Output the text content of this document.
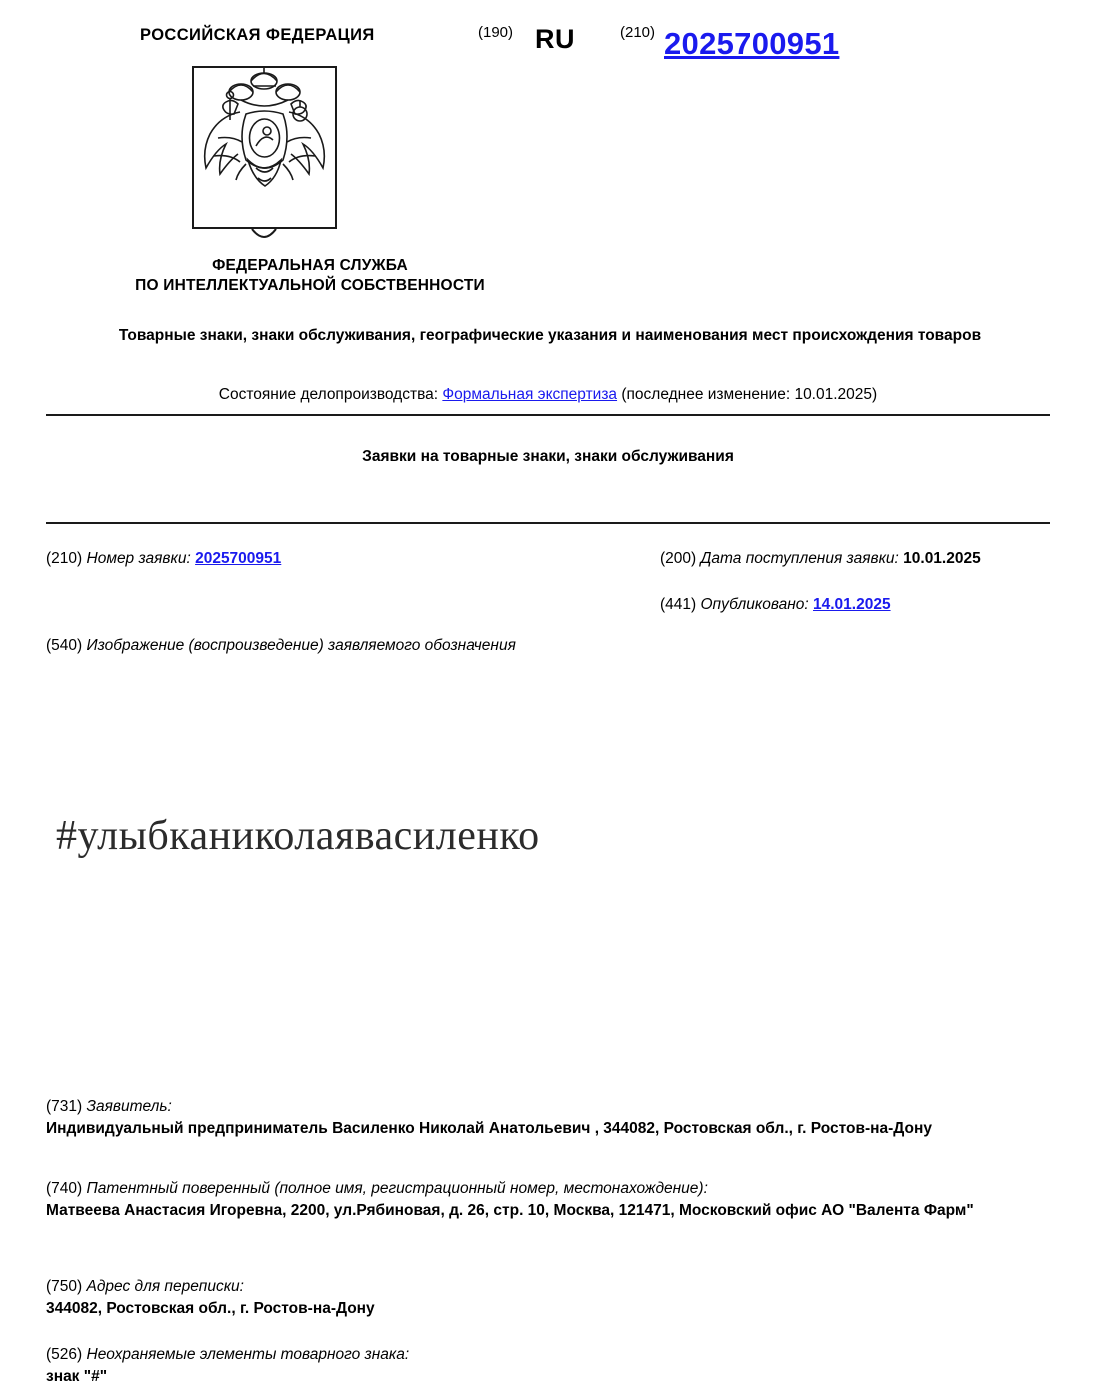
РОССИЙСКАЯ ФЕДЕРАЦИЯ	(190) RU	(210) 2025700951
ФЕДЕРАЛЬНАЯ СЛУЖБА
ПО ИНТЕЛЛЕКТУАЛЬНОЙ СОБСТВЕННОСТИ
Товарные знаки, знаки обслуживания, географические указания и наименования мест происхождения товаров
Состояние делопроизводства: Формальная экспертиза (последнее изменение: 10.01.2025)
Заявки на товарные знаки, знаки обслуживания
(210) Номер заявки: 2025700951	(200) Дата поступления заявки: 10.01.2025
(441) Опубликовано: 14.01.2025
(540) Изображение (воспроизведение) заявляемого обозначения
#улыбканиколаявасиленко
(731) Заявитель:
Индивидуальный предприниматель Василенко Николай Анатольевич , 344082, Ростовская обл., г. Ростов-на-Дону
(740) Патентный поверенный (полное имя, регистрационный номер, местонахождение):
Матвеева Анастасия Игоревна, 2200, ул.Рябиновая, д. 26, стр. 10, Москва, 121471, Московский офис АО "Валента Фарм"
(750) Адрес для переписки:
344082, Ростовская обл., г. Ростов-на-Дону
(526) Неохраняемые элементы товарного знака:
знак "#"
